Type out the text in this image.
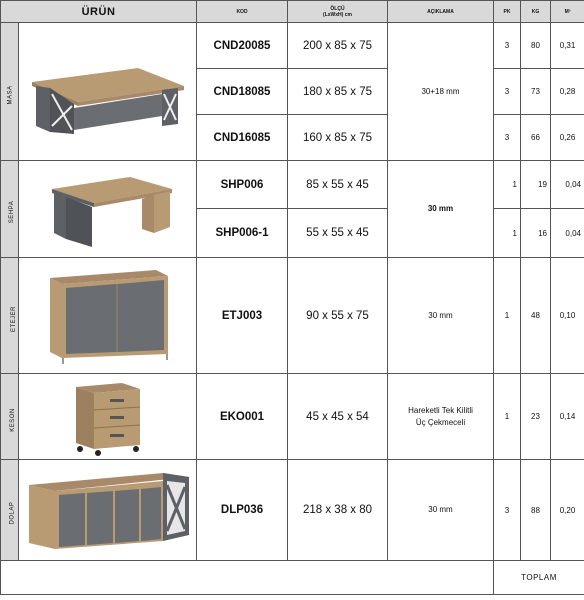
ÜRÜN		KOD	ÖLÇÜ
(LxWxH) cm	AÇIKLAMA	PK	KG	M³
MASA		CND20085	200 x 85 x 75	30+18 mm	3	80	0,31
		CND18085	180 x 85 x 75		3	73	0,28
		CND16085	160 x 85 x 75		3	66	0,26
SEHPA		SHP006	85 x 55 x 45	30 mm	1	19	0,04
		SHP006-1	55 x 55 x 45		1	16	0,04
ETEJER		ETJ003	90 x 55 x 75	30 mm	1	48	0,10
KESON		EKO001	45 x 45 x 54	Hareketli Tek Kilitli
Üç Çekmeceli	1	23	0,14
DOLAP		DLP036	218 x 38 x 80	30 mm	3	88	0,20
					TOPLAM		
